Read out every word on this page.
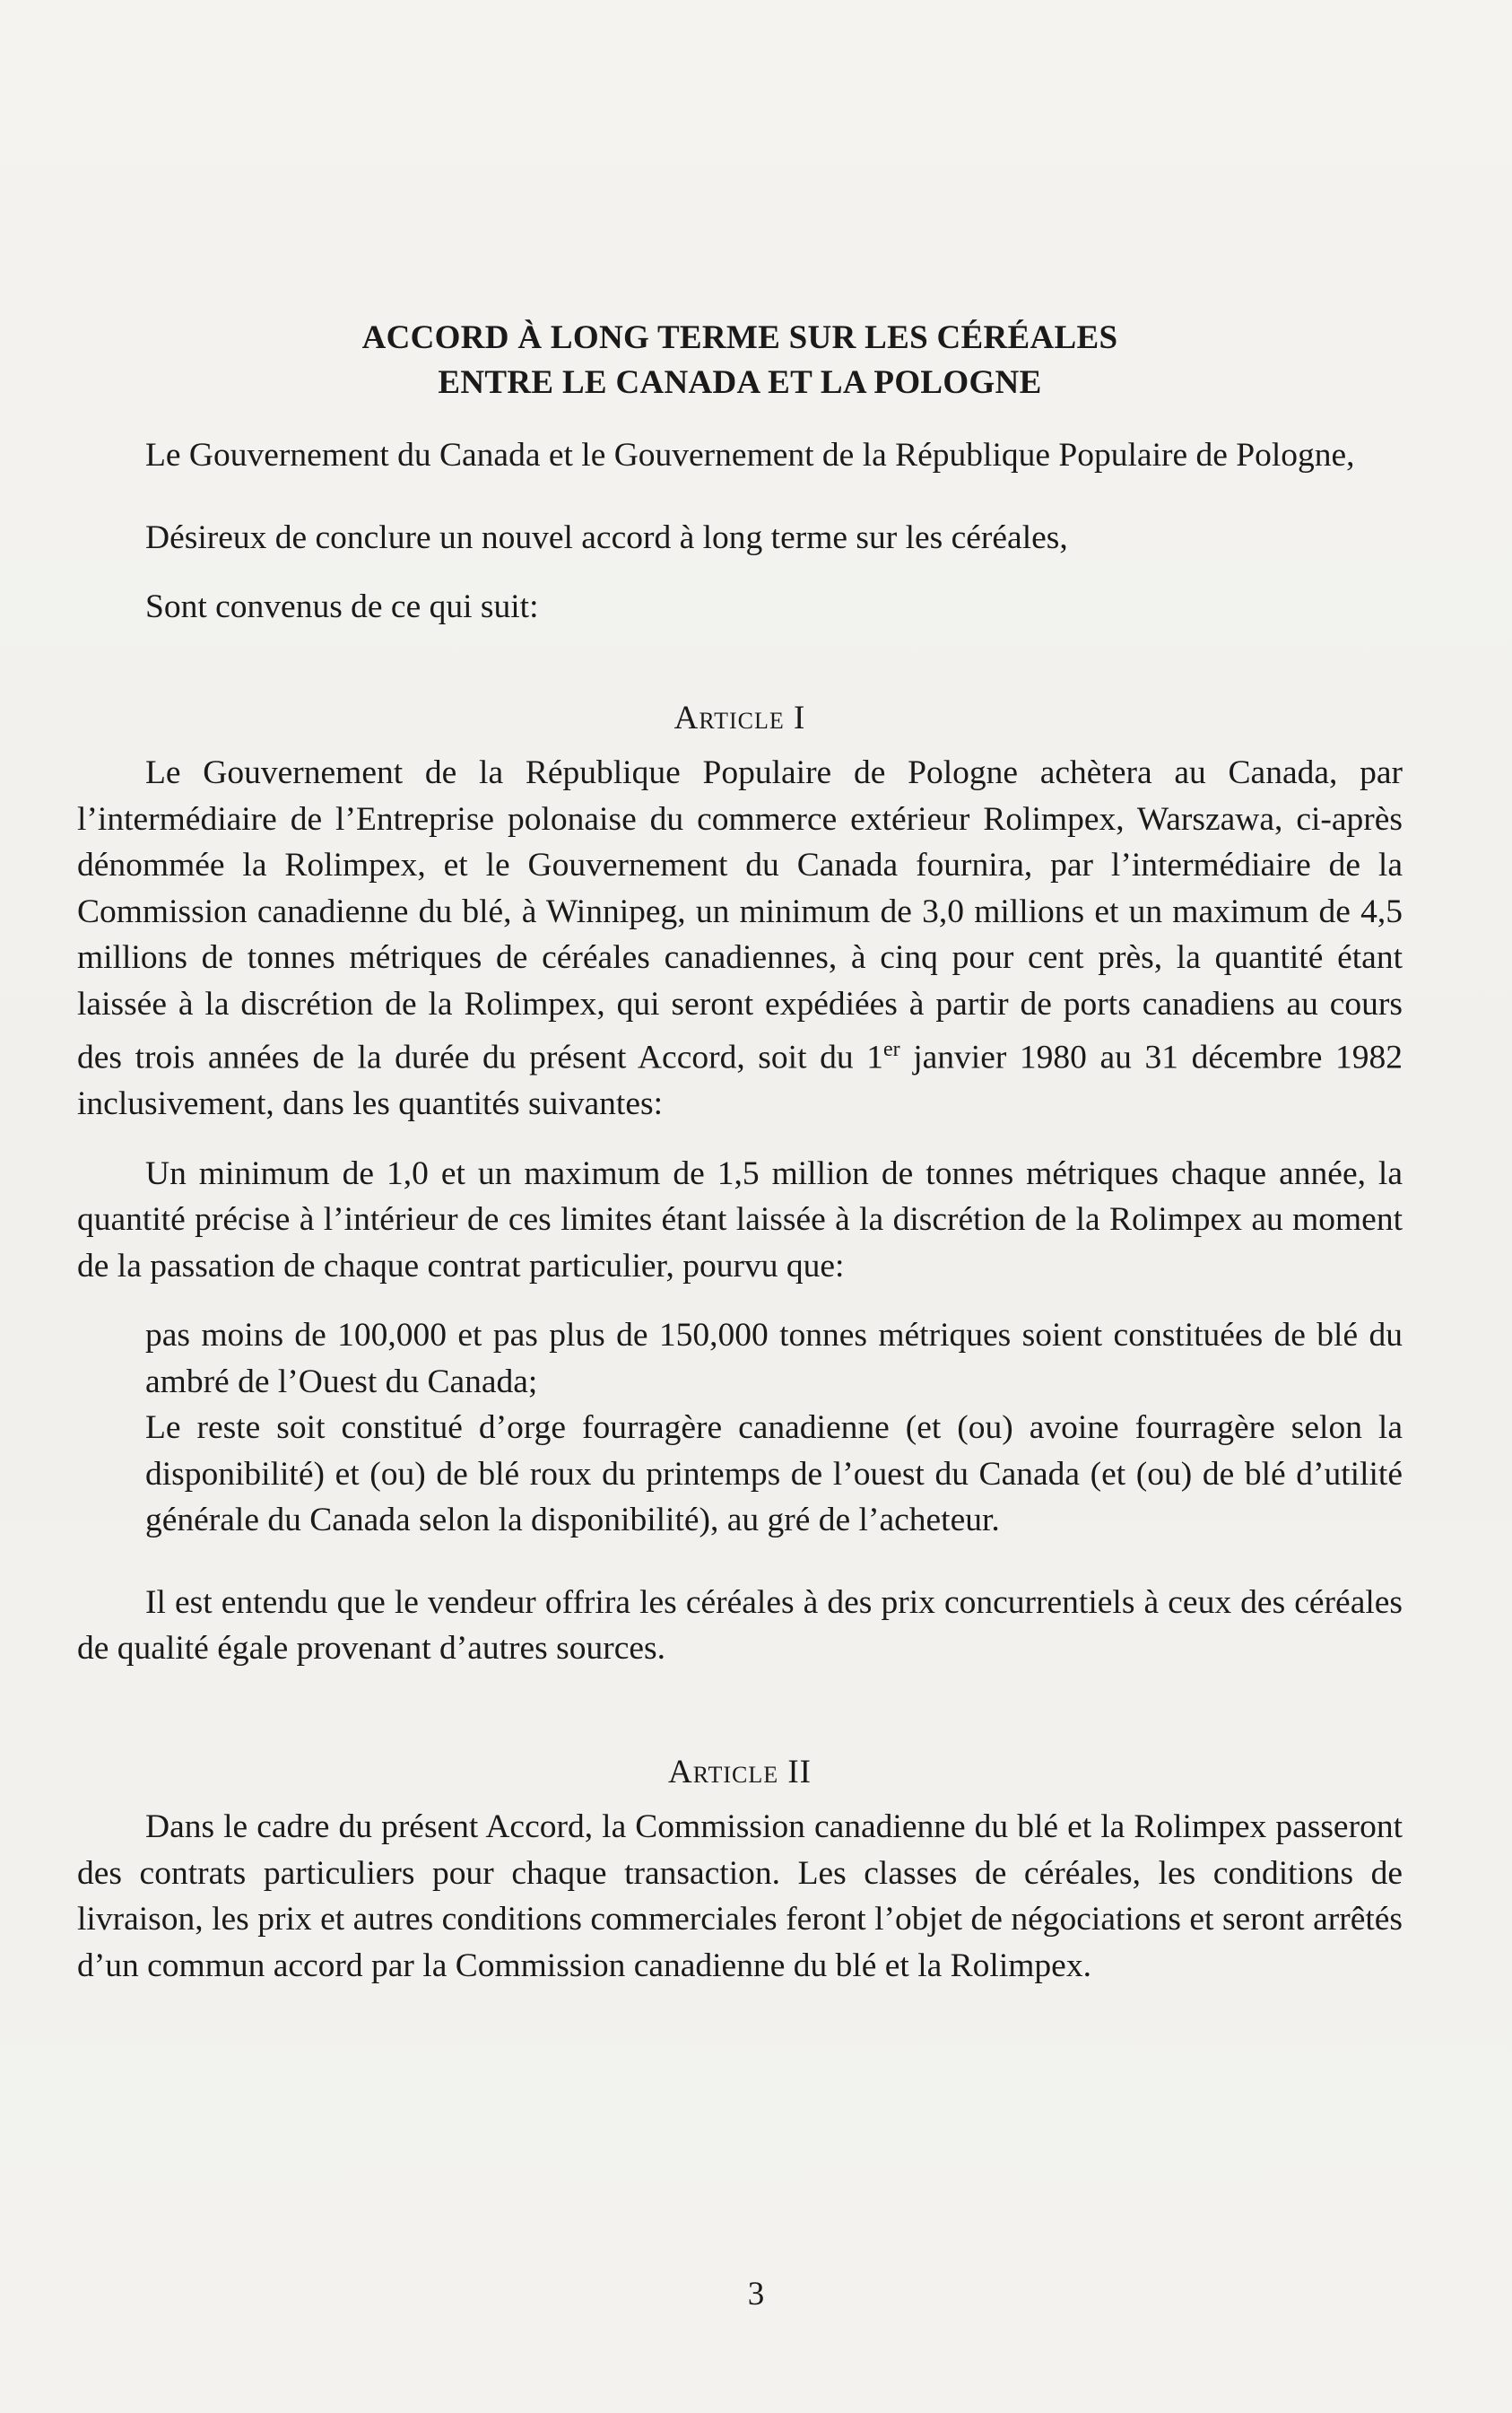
ACCORD À LONG TERME SUR LES CÉRÉALES
ENTRE LE CANADA ET LA POLOGNE

Le Gouvernement du Canada et le Gouvernement de la République Populaire de Pologne,

Désireux de conclure un nouvel accord à long terme sur les céréales,

Sont convenus de ce qui suit:

Article I

Le Gouvernement de la République Populaire de Pologne achètera au Canada, par l’intermédiaire de l’Entreprise polonaise du commerce extérieur Rolimpex, Warszawa, ci-après dénommée la Rolimpex, et le Gouvernement du Canada fournira, par l’intermédiaire de la Commission canadienne du blé, à Winnipeg, un minimum de 3,0 millions et un maximum de 4,5 millions de tonnes métriques de céréales canadiennes, à cinq pour cent près, la quantité étant laissée à la discrétion de la Rolimpex, qui seront expédiées à partir de ports canadiens au cours des trois années de la durée du présent Accord, soit du 1er janvier 1980 au 31 décembre 1982 inclusivement, dans les quantités suivantes:

Un minimum de 1,0 et un maximum de 1,5 million de tonnes métriques chaque année, la quantité précise à l’intérieur de ces limites étant laissée à la discrétion de la Rolimpex au moment de la passation de chaque contrat particulier, pourvu que:

pas moins de 100,000 et pas plus de 150,000 tonnes métriques soient constituées de blé du ambré de l’Ouest du Canada;

Le reste soit constitué d’orge fourragère canadienne (et (ou) avoine fourragère selon la disponibilité) et (ou) de blé roux du printemps de l’ouest du Canada (et (ou) de blé d’utilité générale du Canada selon la disponibilité), au gré de l’acheteur.

Il est entendu que le vendeur offrira les céréales à des prix concurrentiels à ceux des céréales de qualité égale provenant d’autres sources.

Article II

Dans le cadre du présent Accord, la Commission canadienne du blé et la Rolimpex passeront des contrats particuliers pour chaque transaction. Les classes de céréales, les conditions de livraison, les prix et autres conditions commerciales feront l’objet de négociations et seront arrêtés d’un commun accord par la Commission canadienne du blé et la Rolimpex.

3
